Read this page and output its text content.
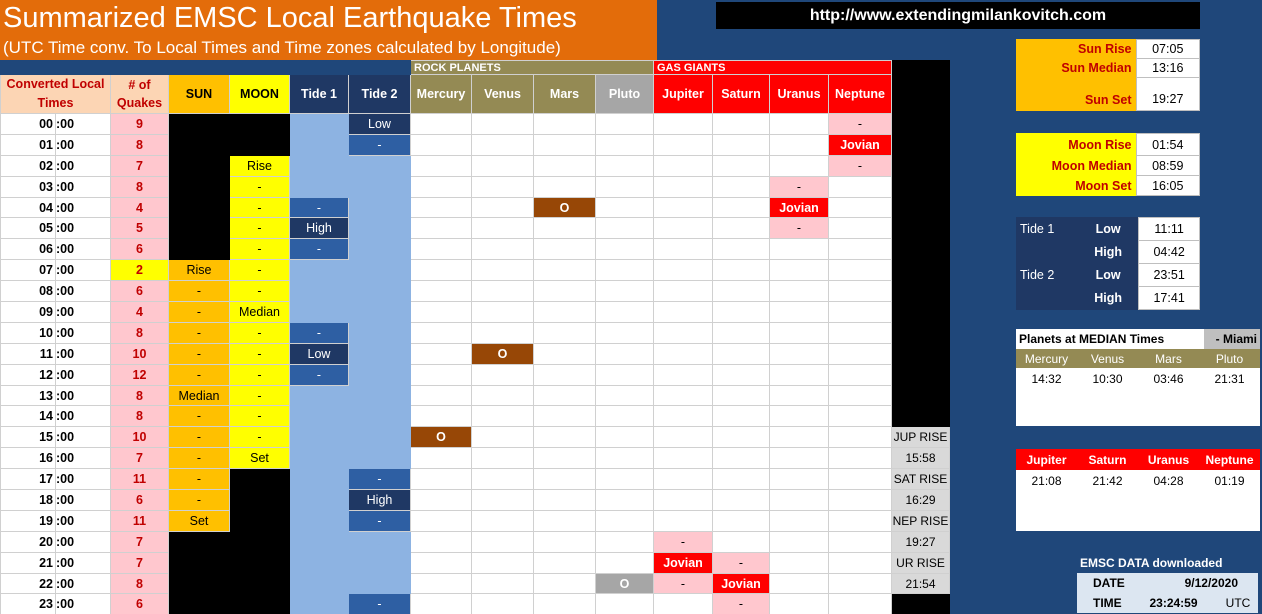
Summarized EMSC Local Earthquake Times
(UTC Time conv. To Local Times and Time zones calculated by Longitude)
http://www.extendingmilankovitch.com
							ROCK PLANETS				GAS GIANTS				
Converted Local Times		# of Quakes	SUN	MOON	Tide 1	Tide 2	Mercury	Venus	Mars	Pluto	Jupiter	Saturn	Uranus	Neptune	
00	:00	9				Low								-	
01	:00	8				-								Jovian	
02	:00	7		Rise										-	
03	:00	8		-									-		
04	:00	4		-	-				O				Jovian		
05	:00	5		-	High								-		
06	:00	6		-	-										
07	:00	2	Rise	-											
08	:00	6	-	-											
09	:00	4	-	Median											
10	:00	8	-	-	-										
11	:00	10	-	-	Low			O							
12	:00	12	-	-	-										
13	:00	8	Median	-											
14	:00	8	-	-											
15	:00	10	-	-			O								JUP RISE
16	:00	7	-	Set											15:58
17	:00	11	-			-									SAT RISE
18	:00	6	-			High									16:29
19	:00	11	Set			-									NEP RISE
20	:00	7									-				19:27
21	:00	7									Jovian	-			UR RISE
22	:00	8								O	-	Jovian			21:54
23	:00	6				-						-			
Sun Rise	07:05
Sun Median	13:16
Sun Set	19:27
Moon Rise	01:54
Moon Median	08:59
Moon Set	16:05
Tide 1	Low	11:11
	High	04:42
Tide 2	Low	23:51
	High	17:41
Planets at MEDIAN Times	- Miami
Mercury	Venus	Mars	Pluto
14:32	10:30	03:46	21:31
Jupiter	Saturn	Uranus	Neptune
21:08	21:42	04:28	01:19
EMSC DATA downloaded
DATE	9/12/2020
TIME	23:24:59	UTC
